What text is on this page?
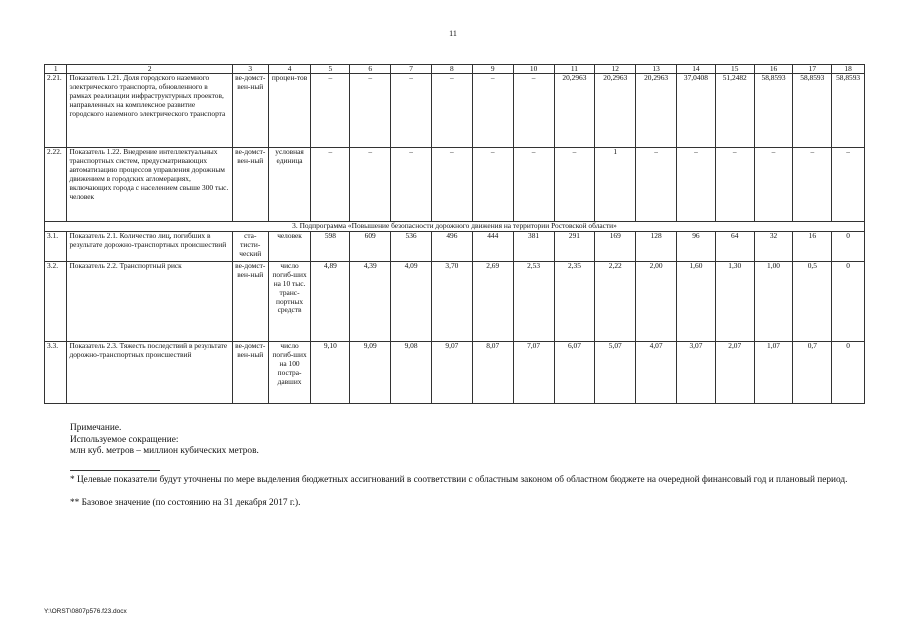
11
1	2	3	4	5	6	7	8	9	10	11	12	13	14	15	16	17	18
2.21.	Показатель 1.21. Доля городского наземного электрического транспорта, обновленного в рамках реализации инфраструктурных проектов, направленных на комплексное развитие городского наземного электрического транспорта	ве-домст-вен-ный	процен-тов	–	–	–	–	–	–	20,2963	20,2963	20,2963	37,0408	51,2482	58,8593	58,8593	58,8593
2.22.	Показатель 1.22. Внедрение интеллектуальных транспортных систем, предусматривающих автоматизацию процессов управления дорожным движением в городских агломерациях, включающих города с населением свыше 300 тыс. человек	ве-домст-вен-ный	условная единица	–	–	–	–	–	–	–	1	–	–	–	–	–	–
3. Подпрограмма «Повышение безопасности дорожного движения на территории Ростовской области»																	
3.1.	Показатель 2.1. Количество лиц, погибших в результате дорожно-транспортных происшествий	ста-тисти-ческий	человек	598	609	536	496	444	381	291	169	128	96	64	32	16	0
3.2.	Показатель 2.2. Транспортный риск	ве-домст-вен-ный	число погиб-ших на 10 тыс. транс-портных средств	4,89	4,39	4,09	3,70	2,69	2,53	2,35	2,22	2,00	1,60	1,30	1,00	0,5	0
3.3.	Показатель 2.3. Тяжесть последствий в результате дорожно-транспортных происшествий	ве-домст-вен-ный	число погиб-ших на 100 постра-давших	9,10	9,09	9,08	9,07	8,07	7,07	6,07	5,07	4,07	3,07	2,07	1,07	0,7	0
Примечание.
Используемое сокращение:
млн куб. метров – миллион кубических метров.
* Целевые показатели будут уточнены по мере выделения бюджетных ассигнований в соответствии с областным законом об областном бюджете на очередной финансовый год и плановый период.
** Базовое значение (по состоянию на 31 декабря 2017 г.).
Y:\ORST\0807p576.f23.docx
